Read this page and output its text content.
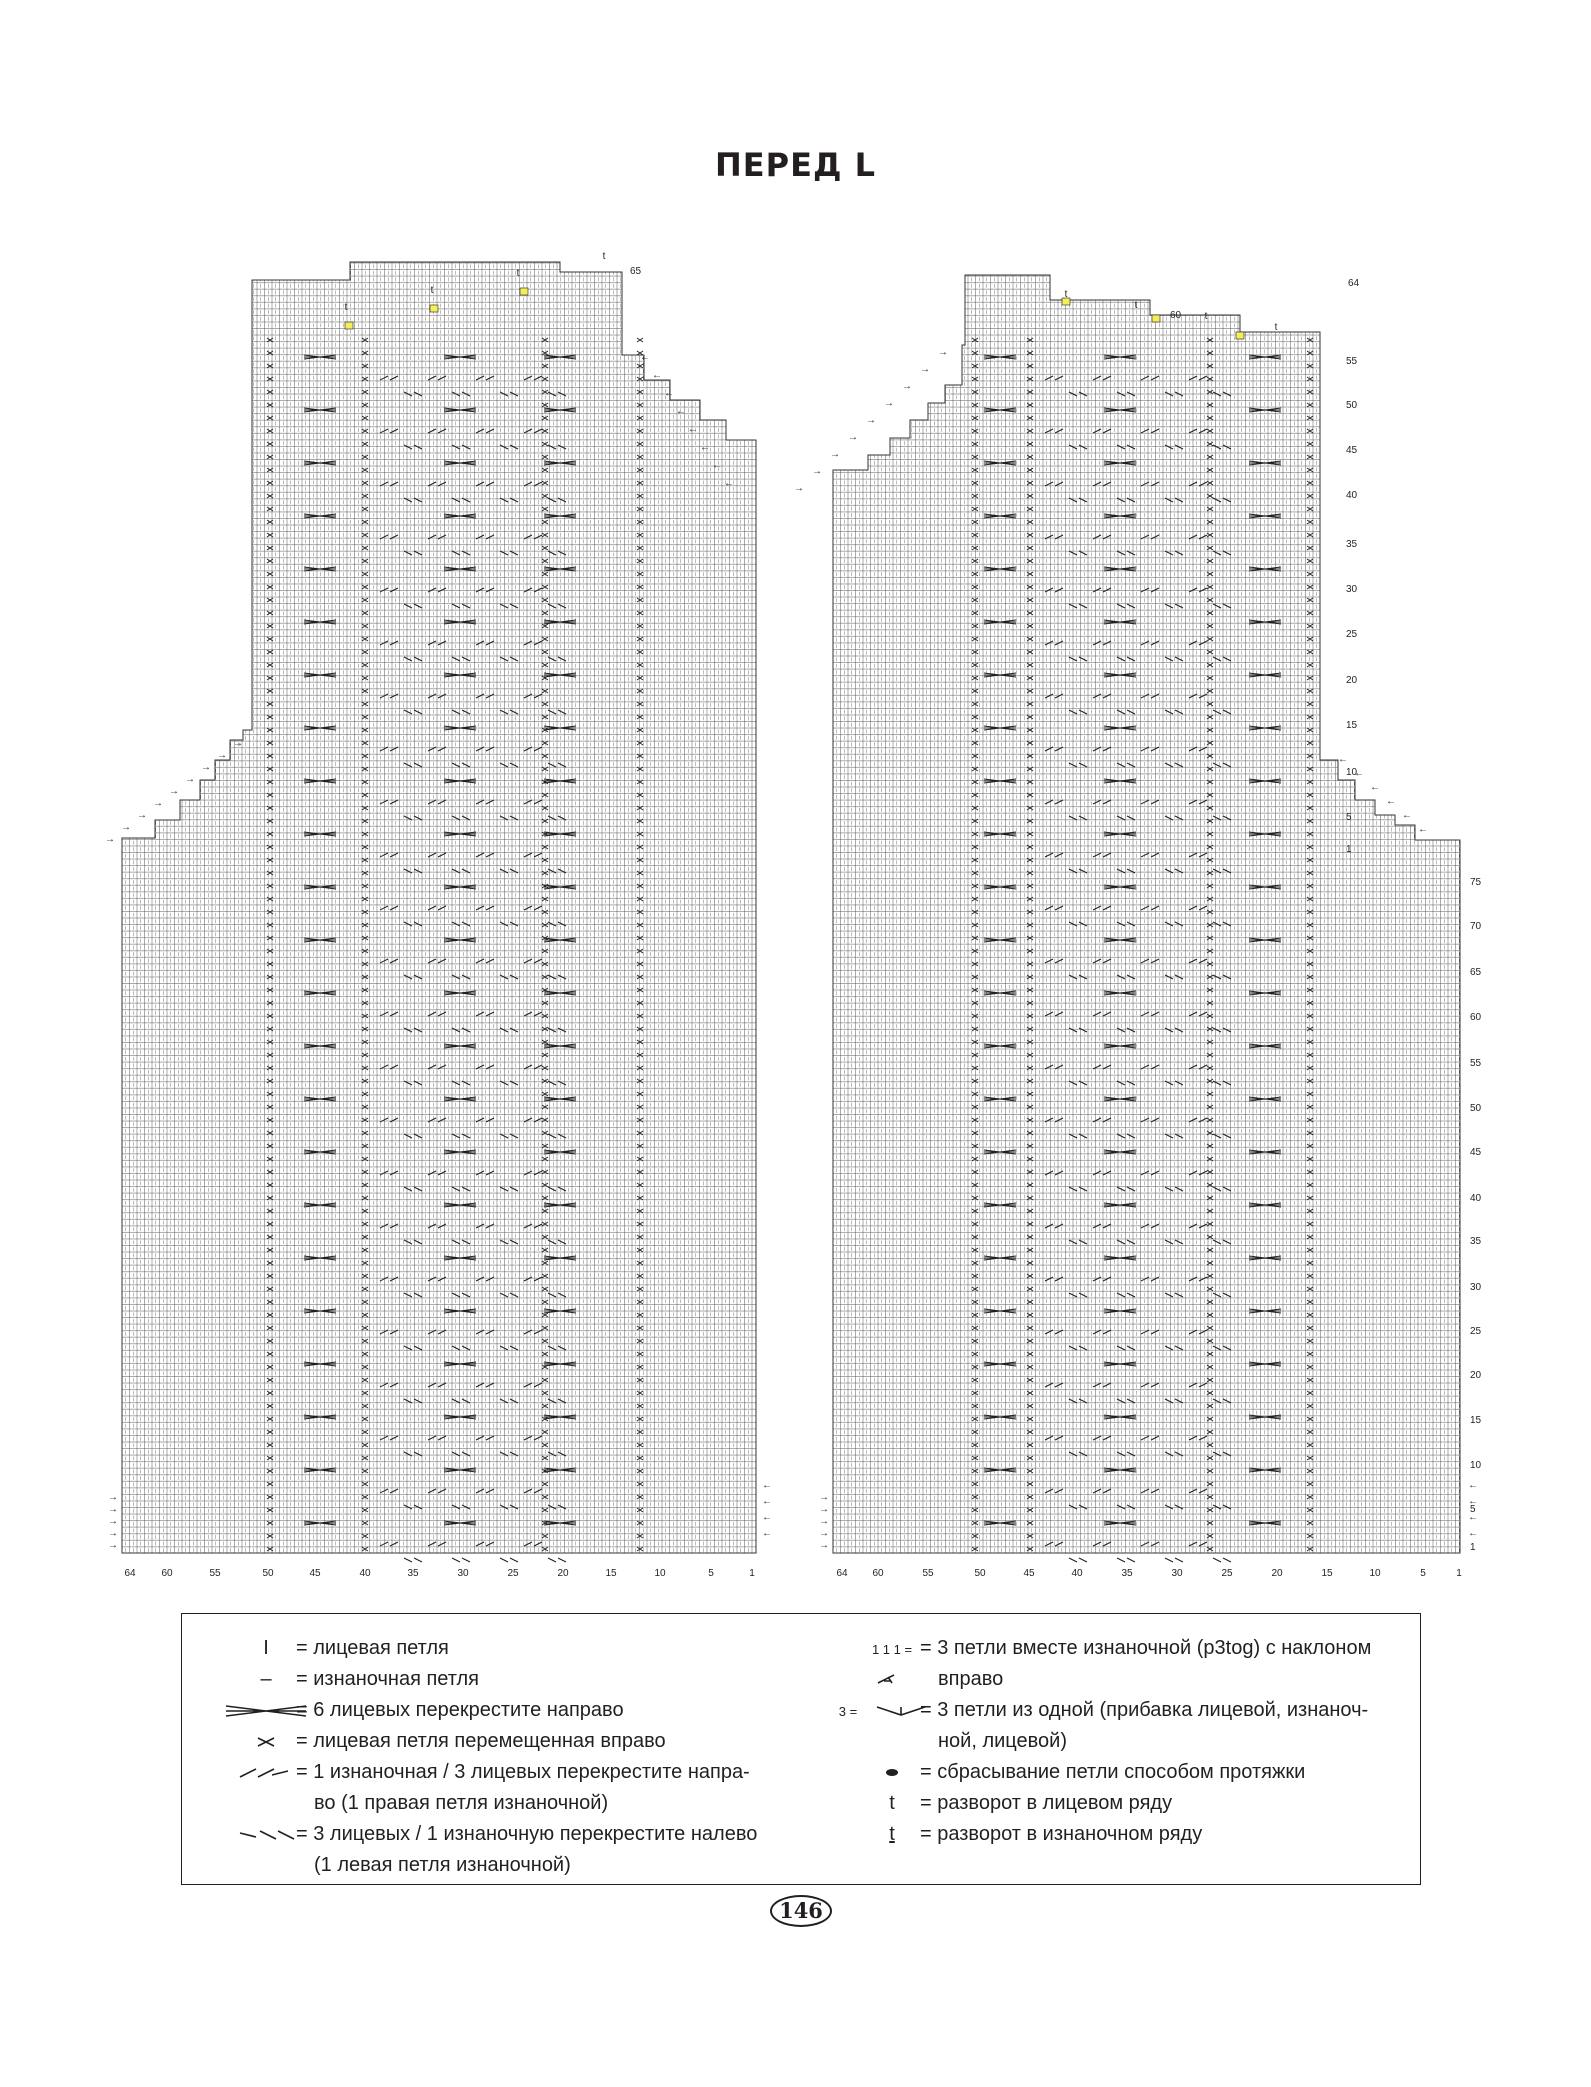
ПЕРЕД L
65
←
←
←
←
←
←
←
←
→
→
→
→
→
→
→
→
→
64	60	55	50	45	40	35	30	25	20	15	10	5	1
t
t
t
t
→
→
→
→
→
←
←
←
←
64
60
55
50
45
40
35
30
25
20
15
10
5
1
75
70
65
60
55
50
45
40
35
30
25
20
15
10
5
1
→
→
→
→
→
→
→
→
→
←
←
←
←
←
←
64 60	55	50	45	40	35	30	25	20	15	10	5	1
t
t
t
t
→
→
→
→
→
←
←
←
←
I	= лицевая петля
–	= изнаночная петля
= 6 лицевых перекрестите направо
= лицевая петля перемещенная вправо
= 1 изнаночная / 3 лицевых перекрестите напра-
во (1 правая петля изнаночной)
= 3 лицевых / 1 изнаночную перекрестите налево
(1 левая петля изнаночной)
1 1 1 = = 3 петли вместе изнаночной (p3tog) с наклоном
вправо
3 =	= 3 петли из одной (прибавка лицевой, изнаноч-
ной, лицевой)
= сбрасывание петли способом протяжки
t	= разворот в лицевом ряду
t	= разворот в изнаночном ряду
146
